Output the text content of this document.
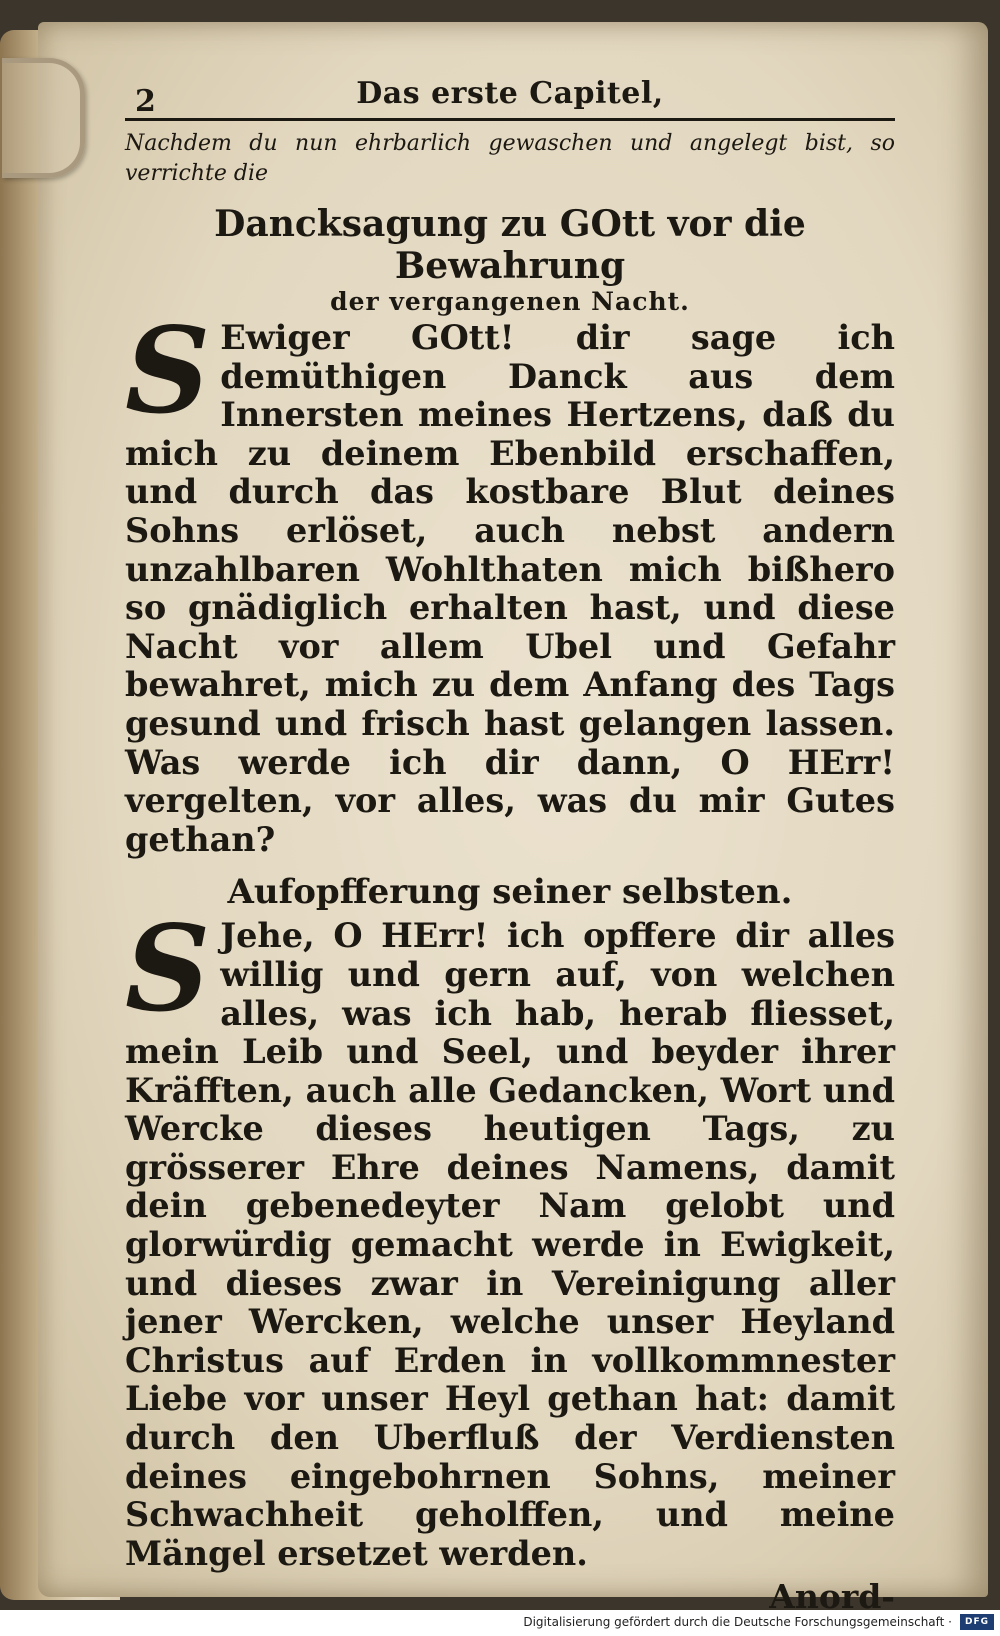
2	Das erste Capitel,
Nachdem du nun ehrbarlich gewaschen und angelegt bist, so verrichte die
Dancksagung zu GOtt vor die Bewahrung
der vergangenen Nacht.

S Ewiger GOtt! dir sage ich demüthigen Danck aus dem Innersten meines Hertzens, daß du mich zu deinem Ebenbild erschaffen, und durch das kostbare Blut deines Sohns erlöset, auch nebst andern unzahlbaren Wohlthaten mich bißhero so gnädiglich erhalten hast, und diese Nacht vor allem Ubel und Gefahr bewahret, mich zu dem Anfang des Tags gesund und frisch hast gelangen lassen. Was werde ich dir dann, O HErr! vergelten, vor alles, was du mir Gutes gethan?

Aufopfferung seiner selbsten.

S Jehe, O HErr! ich opffere dir alles willig und gern auf, von welchen alles, was ich hab, herab fliesset, mein Leib und Seel, und beyder ihrer Kräfften, auch alle Gedancken, Wort und Wercke dieses heutigen Tags, zu grösserer Ehre deines Namens, damit dein gebenedeyter Nam gelobt und glorwürdig gemacht werde in Ewigkeit, und dieses zwar in Vereinigung aller jener Wercken, welche unser Heyland Christus auf Erden in vollkommnester Liebe vor unser Heyl gethan hat: damit durch den Uberfluß der Verdiensten deines eingebohrnen Sohns, meiner Schwachheit geholffen, und meine Mängel ersetzet werden.

Anord-
Digitalisierung gefördert durch die Deutsche Forschungsgemeinschaft ·	DFG
